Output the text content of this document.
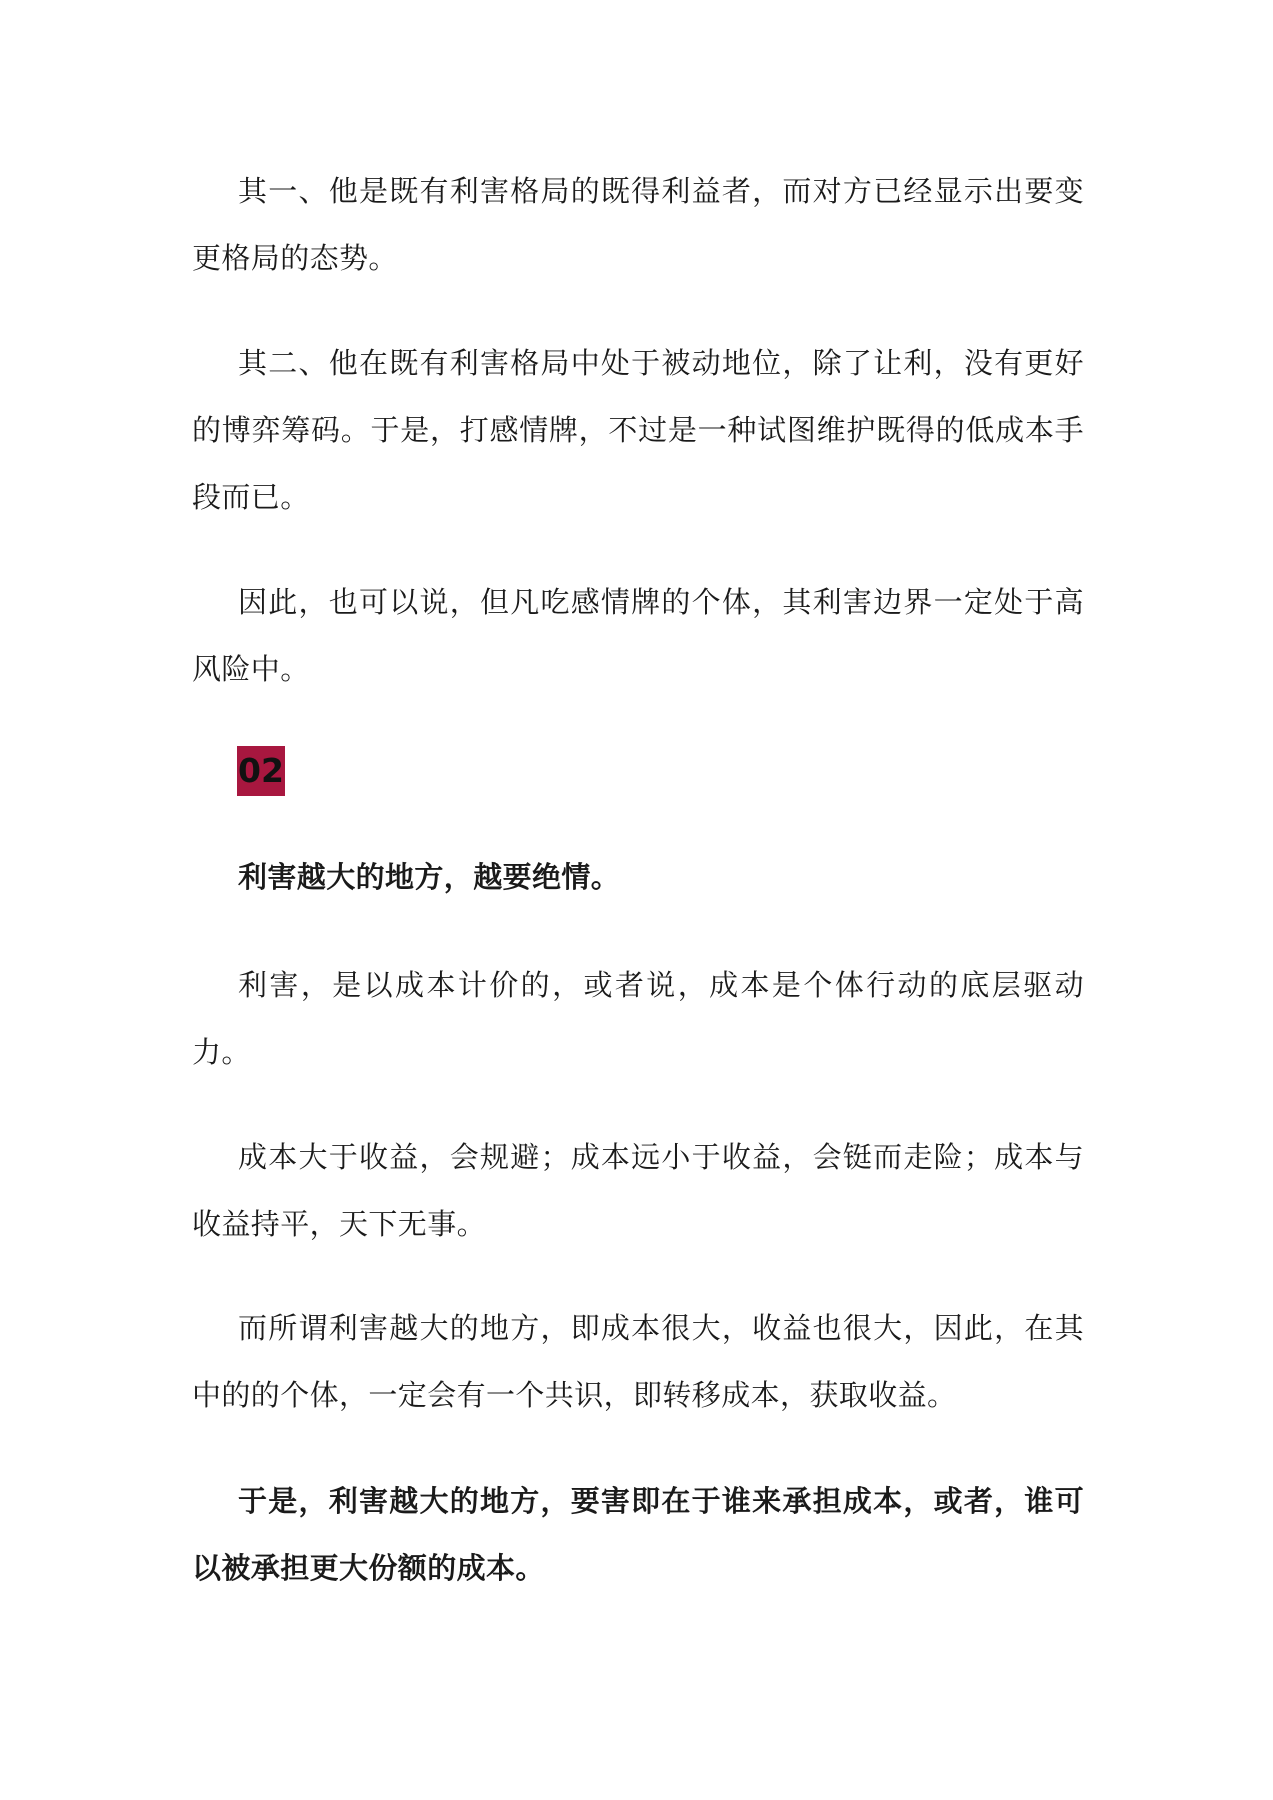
其一、他是既有利害格局的既得利益者，而对方已经显示出要变更格局的态势。

其二、他在既有利害格局中处于被动地位，除了让利，没有更好的博弈筹码。于是，打感情牌，不过是一种试图维护既得的低成本手段而已。

因此，也可以说，但凡吃感情牌的个体，其利害边界一定处于高风险中。

02

利害越大的地方，越要绝情。

利害，是以成本计价的，或者说，成本是个体行动的底层驱动力。

成本大于收益，会规避；成本远小于收益，会铤而走险；成本与收益持平，天下无事。

而所谓利害越大的地方，即成本很大，收益也很大，因此，在其中的的个体，一定会有一个共识，即转移成本，获取收益。

于是，利害越大的地方，要害即在于谁来承担成本，或者，谁可以被承担更大份额的成本。
